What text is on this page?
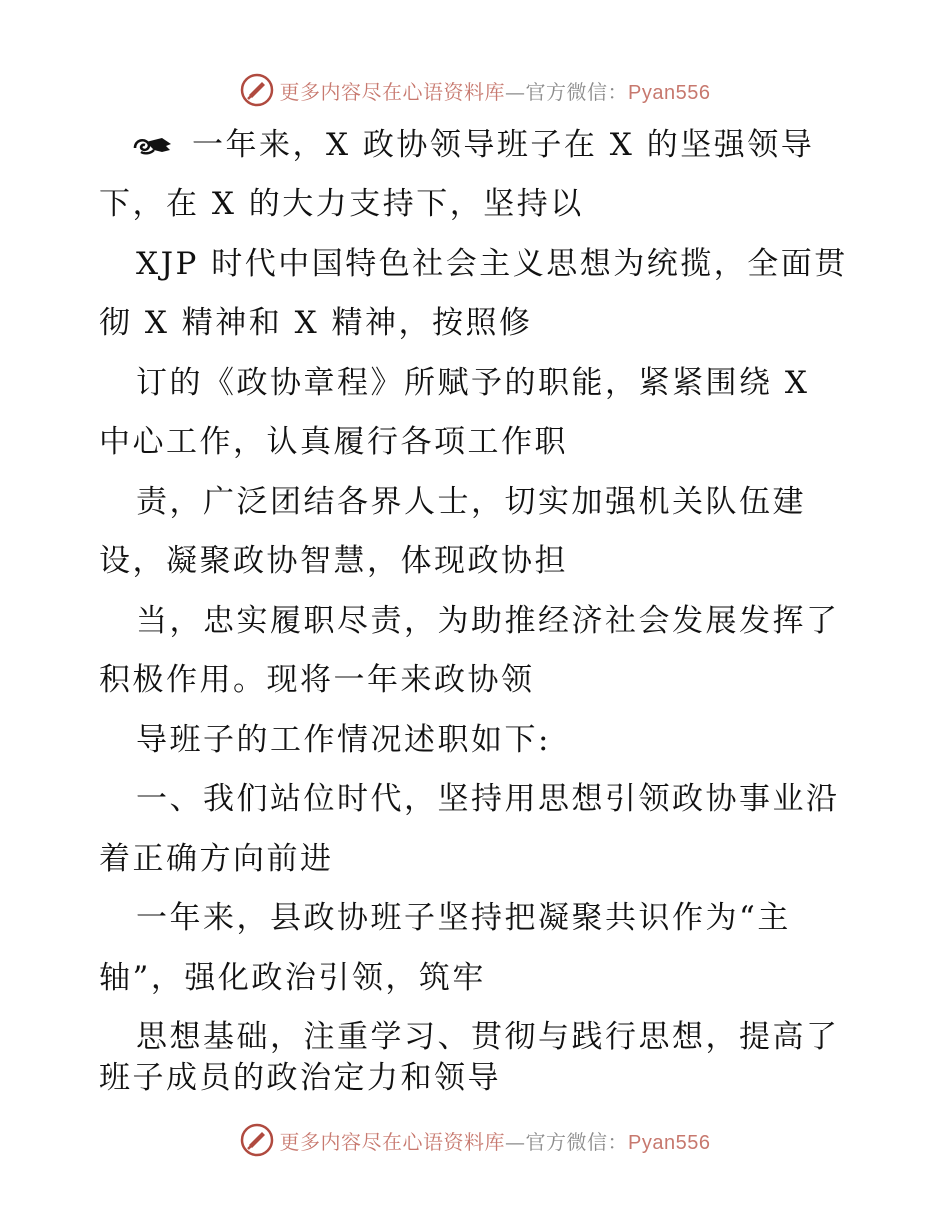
更多内容尽在心语资料库—官方微信：Pyan556
一年来，X 政协领导班子在 X 的坚强领导
下，在 X 的大力支持下，坚持以
XJP 时代中国特色社会主义思想为统揽，全面贯
彻 X 精神和 X 精神，按照修
订的《政协章程》所赋予的职能，紧紧围绕 X
中心工作，认真履行各项工作职
责，广泛团结各界人士，切实加强机关队伍建
设，凝聚政协智慧，体现政协担
当，忠实履职尽责，为助推经济社会发展发挥了
积极作用。现将一年来政协领
导班子的工作情况述职如下:
一、我们站位时代，坚持用思想引领政协事业沿
着正确方向前进
一年来，县政协班子坚持把凝聚共识作为“主
轴”，强化政治引领，筑牢
思想基础，注重学习、贯彻与践行思想，提高了
班子成员的政治定力和领导
更多内容尽在心语资料库—官方微信：Pyan556
